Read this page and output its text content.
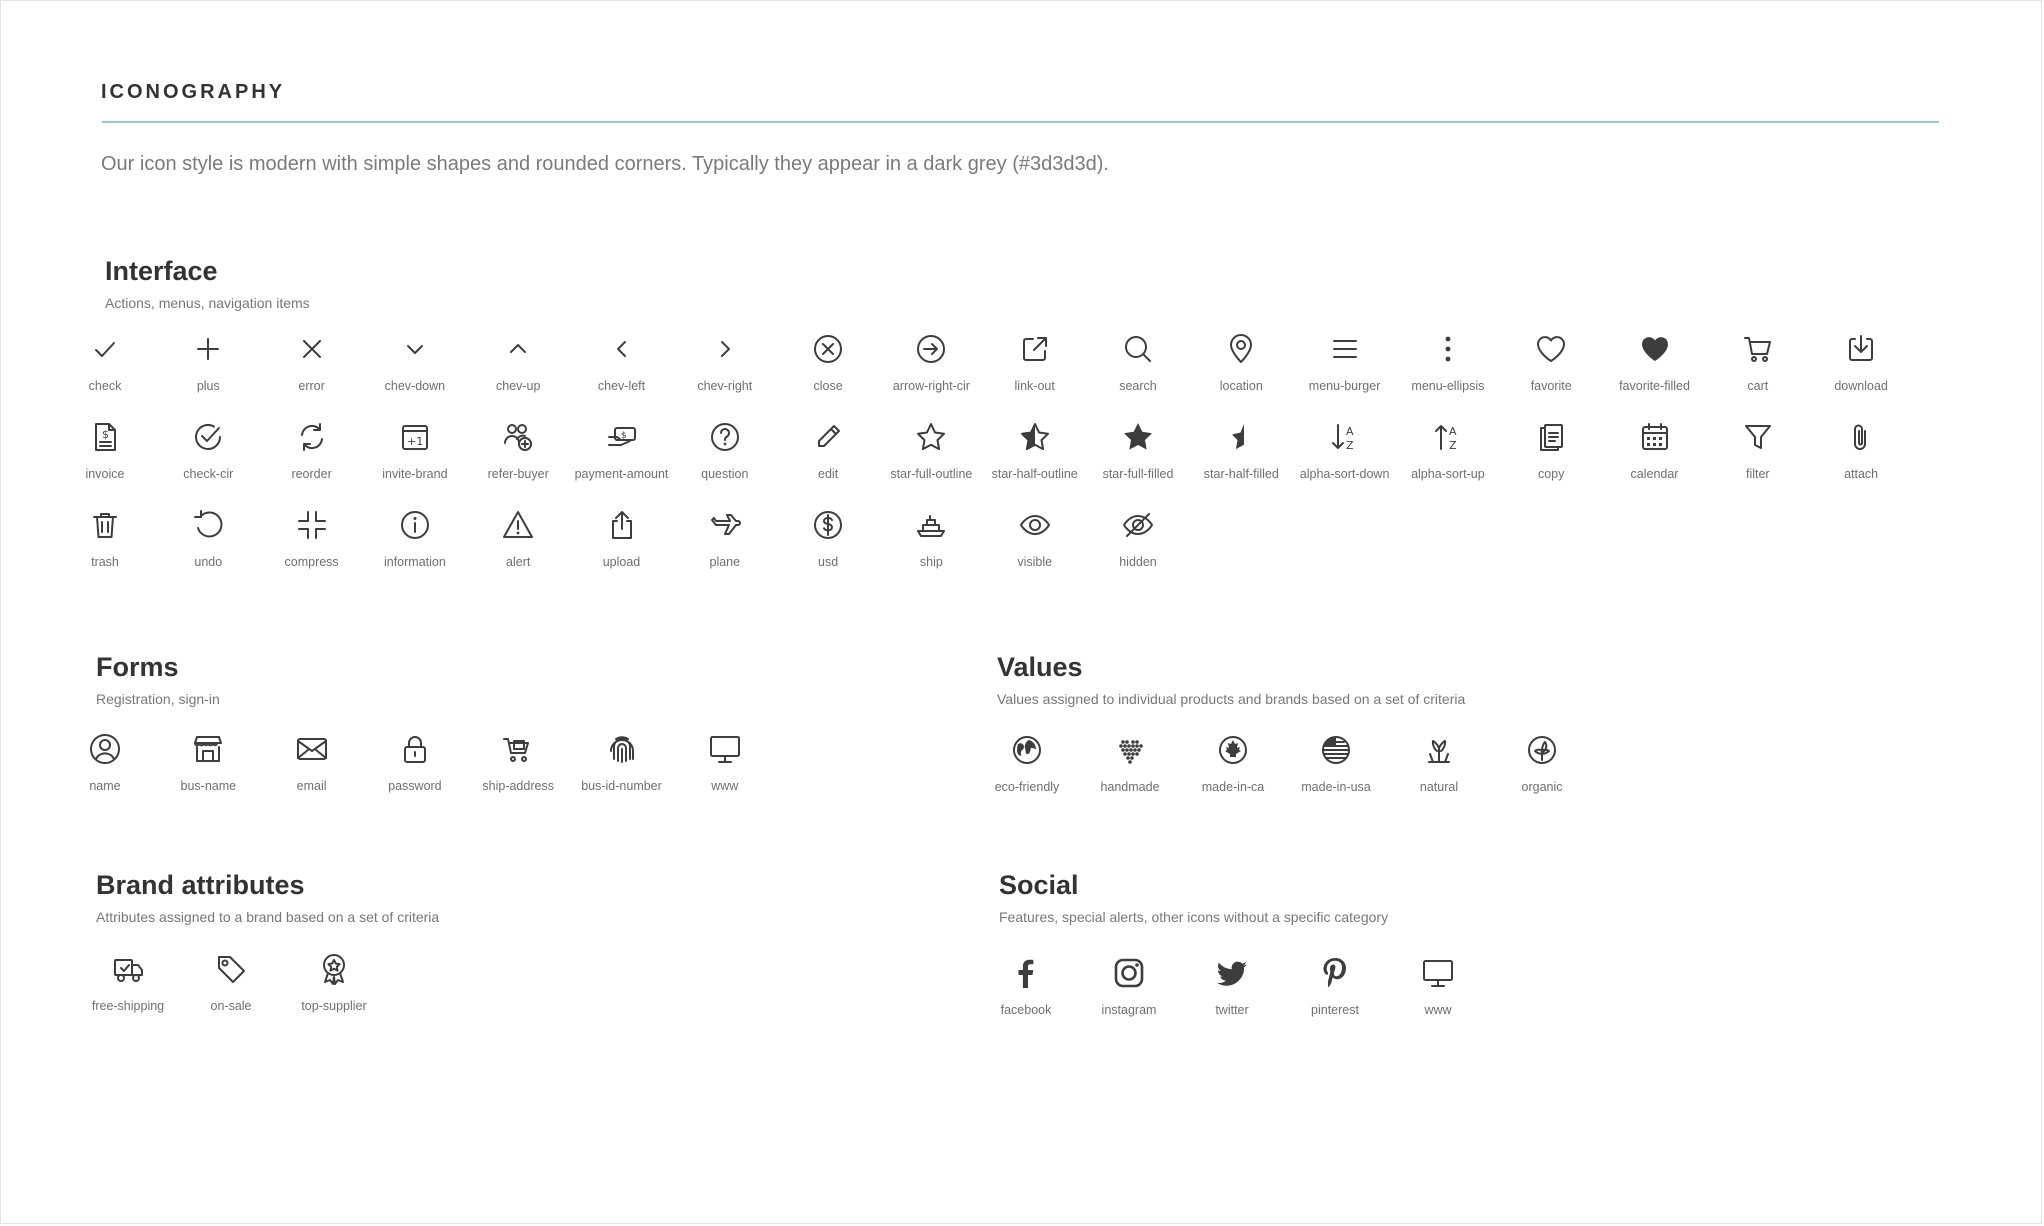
ICONOGRAPHY
Our icon style is modern with simple shapes and rounded corners. Typically they appear in a dark grey (#3d3d3d).
Interface
Actions, menus, navigation items
check	plus	error	chev-down	chev-up	chev-left	chev-right	close	arrow-right-cir	link-out	search	location	menu-burger menu-ellipsis	favorite	favorite-filled	cart	download
$
invoice	check-cir	reorder
+1
invite-brand	refer-buyer
$
payment-amount	question	edit	star-full-outline star-half-outline star-full-filled star-half-filled
A
Z
alpha-sort-down
A
Z
alpha-sort-up	copy	calendar	filter	attach
trash	undo	compress	information	alert	upload	plane	usd	ship	visible	hidden
Forms
Registration, sign-in
name	bus-name	email	password	ship-address bus-id-number	www
Values
Values assigned to individual products and brands based on a set of criteria
eco-friendly	handmade	made-in-ca	made-in-usa	natural	organic
Brand attributes
Attributes assigned to a brand based on a set of criteria
free-shipping	on-sale	top-supplier
Social
Features, special alerts, other icons without a specific category
facebook	instagram	twitter	pinterest	www
